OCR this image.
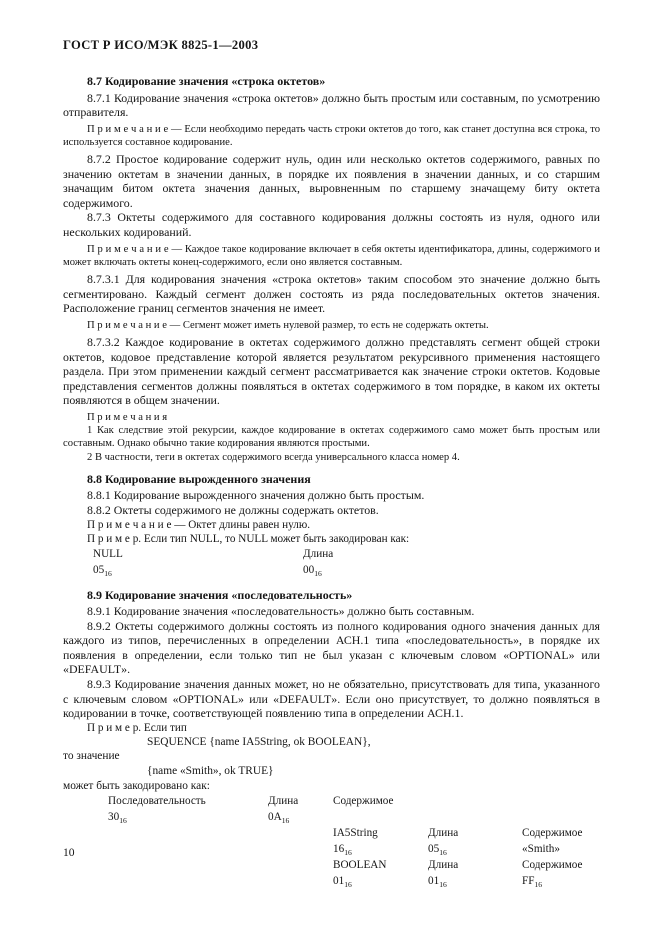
ГОСТ Р ИСО/МЭК 8825-1—2003
8.7 Кодирование значения «строка октетов»
8.7.1 Кодирование значения «строка октетов» должно быть простым или составным, по усмотрению отправителя.
П р и м е ч а н и е — Если необходимо передать часть строки октетов до того, как станет доступна вся строка, то используется составное кодирование.
8.7.2 Простое кодирование содержит нуль, один или несколько октетов содержимого, равных по значению октетам в значении данных, в порядке их появления в значении данных, и со старшим значащим битом октета значения данных, выровненным по старшему значащему биту октета содержимого.
8.7.3 Октеты содержимого для составного кодирования должны состоять из нуля, одного или нескольких кодирований.
П р и м е ч а н и е — Каждое такое кодирование включает в себя октеты идентификатора, длины, содержимого и может включать октеты конец-содержимого, если оно является составным.
8.7.3.1 Для кодирования значения «строка октетов» таким способом это значение должно быть сегментировано. Каждый сегмент должен состоять из ряда последовательных октетов значения. Расположение границ сегментов значения не имеет.
П р и м е ч а н и е — Сегмент может иметь нулевой размер, то есть не содержать октеты.
8.7.3.2 Каждое кодирование в октетах содержимого должно представлять сегмент общей строки октетов, кодовое представление которой является результатом рекурсивного применения настоящего раздела. При этом применении каждый сегмент рассматривается как значение строки октетов. Кодовые представления сегментов должны появляться в октетах содержимого в том порядке, в каком их октеты появляются в общем значении.
П р и м е ч а н и я
1 Как следствие этой рекурсии, каждое кодирование в октетах содержимого само может быть простым или составным. Однако обычно такие кодирования являются простыми.
2 В частности, теги в октетах содержимого всегда универсального класса номер 4.
8.8 Кодирование вырожденного значения
8.8.1 Кодирование вырожденного значения должно быть простым.
8.8.2 Октеты содержимого не должны содержать октетов.
П р и м е ч а н и е — Октет длины равен нулю.
П р и м е р. Если тип NULL, то NULL может быть закодирован как:
NULL	Длина
$05_{16}$	$00_{16}$
8.9 Кодирование значения «последовательность»
8.9.1 Кодирование значения «последовательность» должно быть составным.
8.9.2 Октеты содержимого должны состоять из полного кодирования одного значения данных для каждого из типов, перечисленных в определении АСН.1 типа «последовательность», в порядке их появления в определении, если только тип не был указан с ключевым словом «OPTIONAL» или «DEFAULT».
8.9.3 Кодирование значения данных может, но не обязательно, присутствовать для типа, указанного с ключевым словом «OPTIONAL» или «DEFAULT». Если оно присутствует, то должно появляться в кодировании в точке, соответствующей появлению типа в определении АСН.1.
П р и м е р. Если тип
SEQUENCE {name IA5String, ok BOOLEAN},
то значение
{name «Smith», ok TRUE}
может быть закодировано как:
Последовательность	Длина	Содержимое
$30_{16}$	$0A_{16}$
IA5String	Длина	Содержимое
$16_{16}$	$05_{16}$	«Smith»
BOOLEAN	Длина	Содержимое
$01_{16}$	$01_{16}$	$FF_{16}$
10
